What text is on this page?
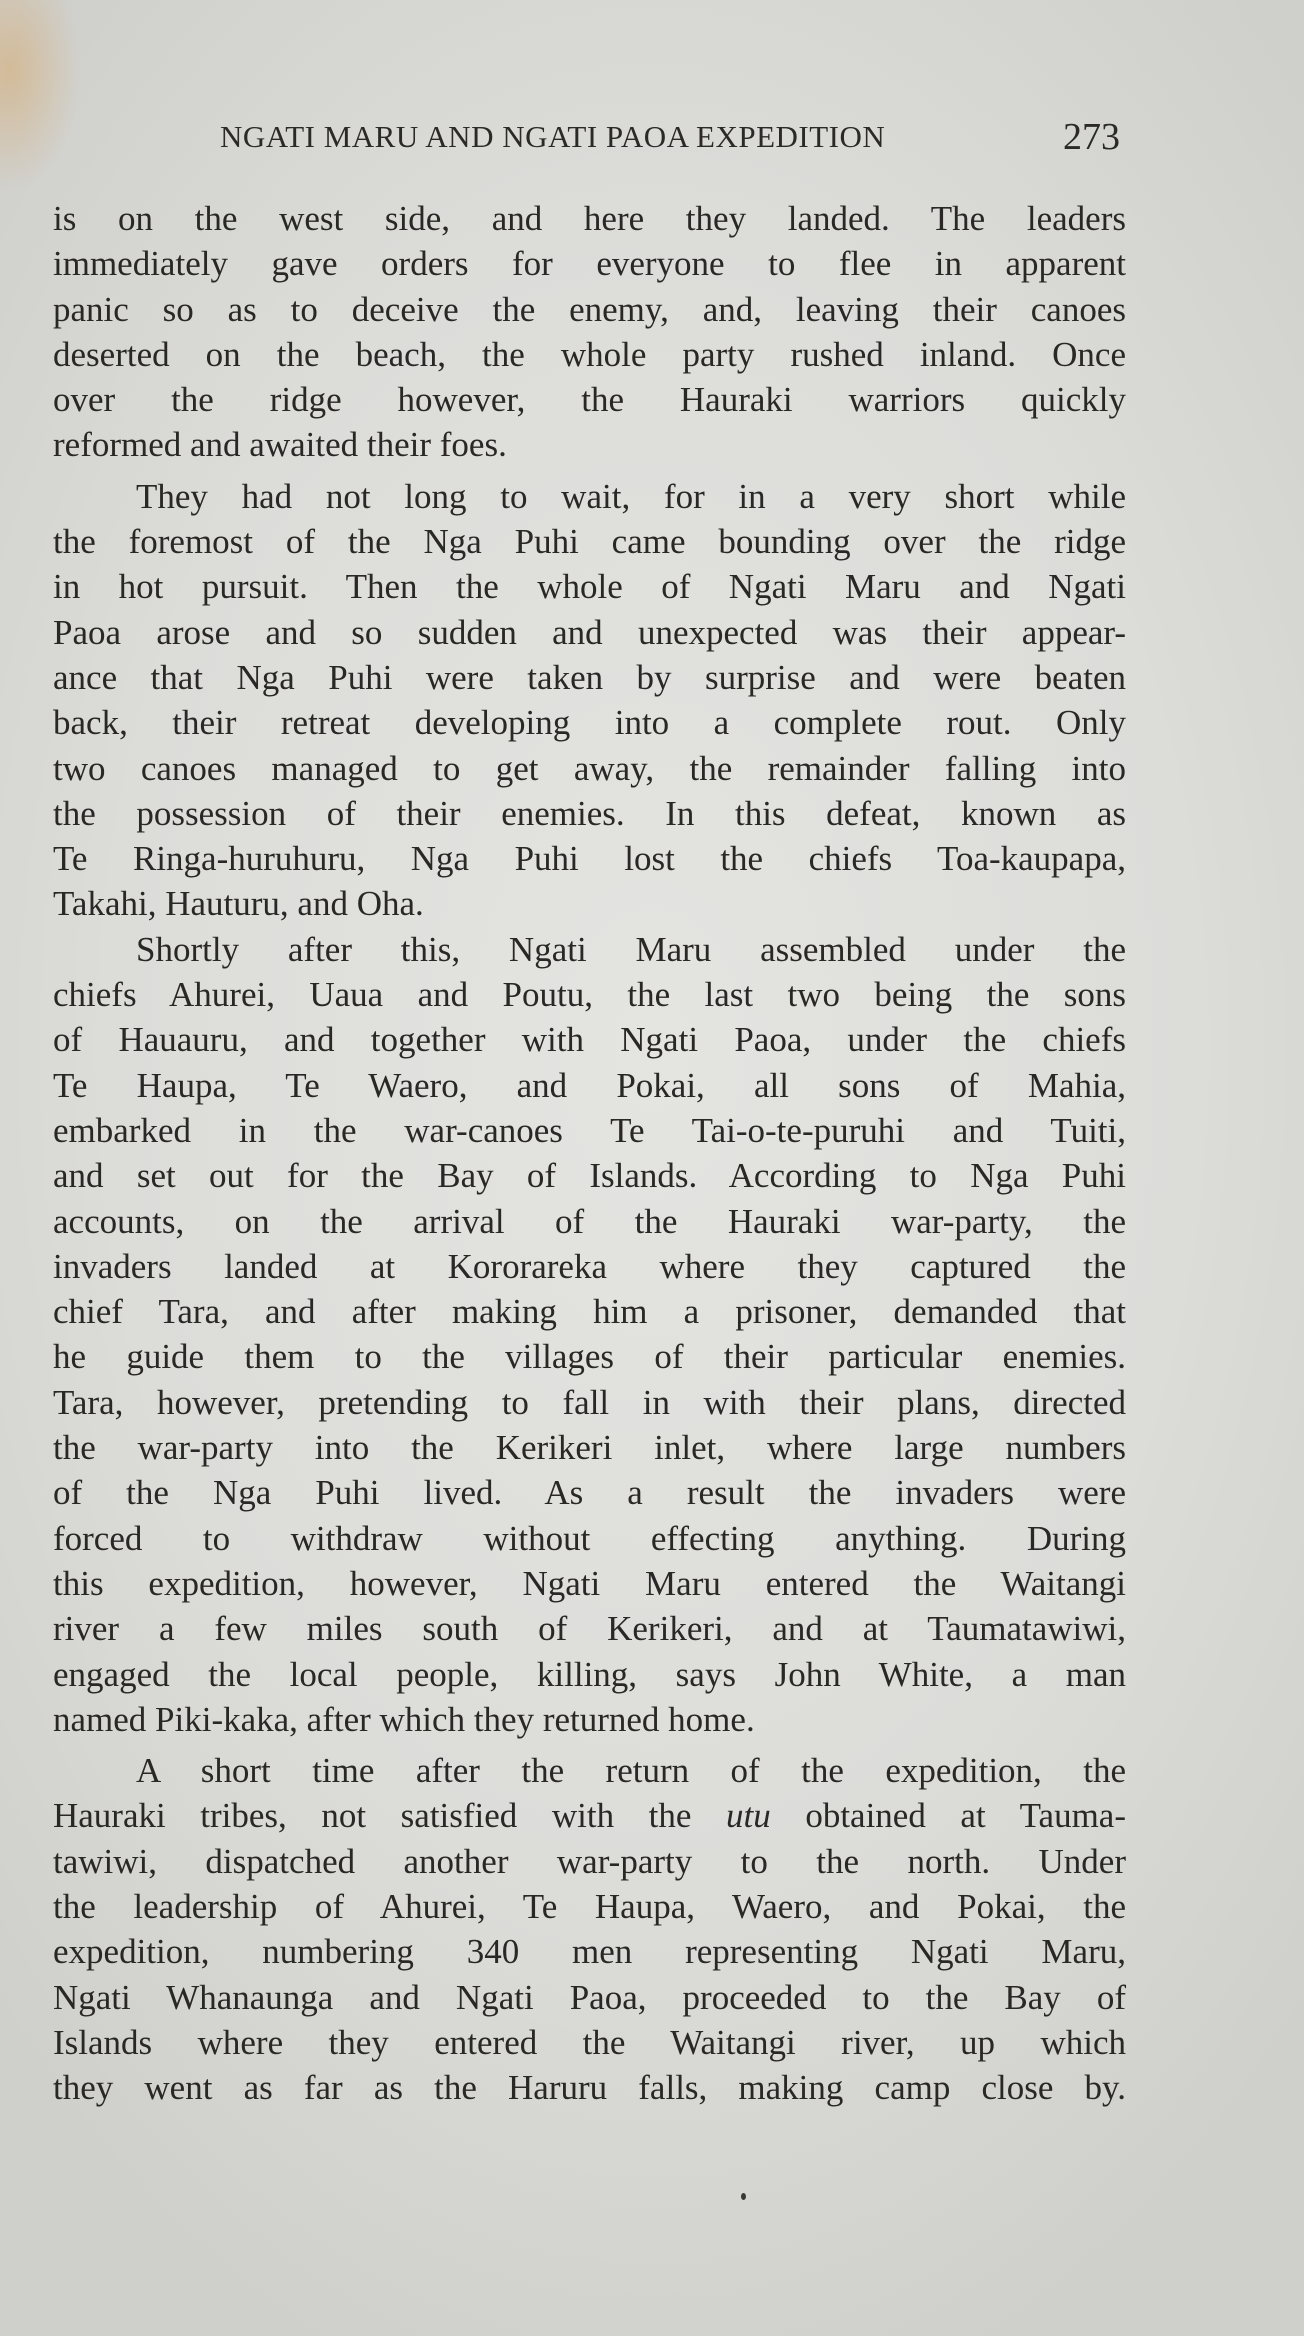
NGATI MARU AND NGATI PAOA EXPEDITION	273

is on the west side, and here they landed. The leaders

immediately gave orders for everyone to flee in apparent

panic so as to deceive the enemy, and, leaving their canoes

deserted on the beach, the whole party rushed inland. Once

over the ridge however, the Hauraki warriors quickly

reformed and awaited their foes.

They had not long to wait, for in a very short while

the foremost of the Nga Puhi came bounding over the ridge

in hot pursuit. Then the whole of Ngati Maru and Ngati

Paoa arose and so sudden and unexpected was their appear-

ance that Nga Puhi were taken by surprise and were beaten

back, their retreat developing into a complete rout. Only

two canoes managed to get away, the remainder falling into

the possession of their enemies. In this defeat, known as

Te Ringa-huruhuru, Nga Puhi lost the chiefs Toa-kaupapa,

Takahi, Hauturu, and Oha.

Shortly after this, Ngati Maru assembled under the

chiefs Ahurei, Uaua and Poutu, the last two being the sons

of Hauauru, and together with Ngati Paoa, under the chiefs

Te Haupa, Te Waero, and Pokai, all sons of Mahia,

embarked in the war-canoes Te Tai-o-te-puruhi and Tuiti,

and set out for the Bay of Islands. According to Nga Puhi

accounts, on the arrival of the Hauraki war-party, the

invaders landed at Kororareka where they captured the

chief Tara, and after making him a prisoner, demanded that

he guide them to the villages of their particular enemies.

Tara, however, pretending to fall in with their plans, directed

the war-party into the Kerikeri inlet, where large numbers

of the Nga Puhi lived. As a result the invaders were

forced to withdraw without effecting anything. During

this expedition, however, Ngati Maru entered the Waitangi

river a few miles south of Kerikeri, and at Taumatawiwi,

engaged the local people, killing, says John White, a man

named Piki-kaka, after which they returned home.

A short time after the return of the expedition, the

Hauraki tribes, not satisfied with the utu obtained at Tauma-

tawiwi, dispatched another war-party to the north. Under

the leadership of Ahurei, Te Haupa, Waero, and Pokai, the

expedition, numbering 340 men representing Ngati Maru,

Ngati Whanaunga and Ngati Paoa, proceeded to the Bay of

Islands where they entered the Waitangi river, up which

they went as far as the Haruru falls, making camp close by.
